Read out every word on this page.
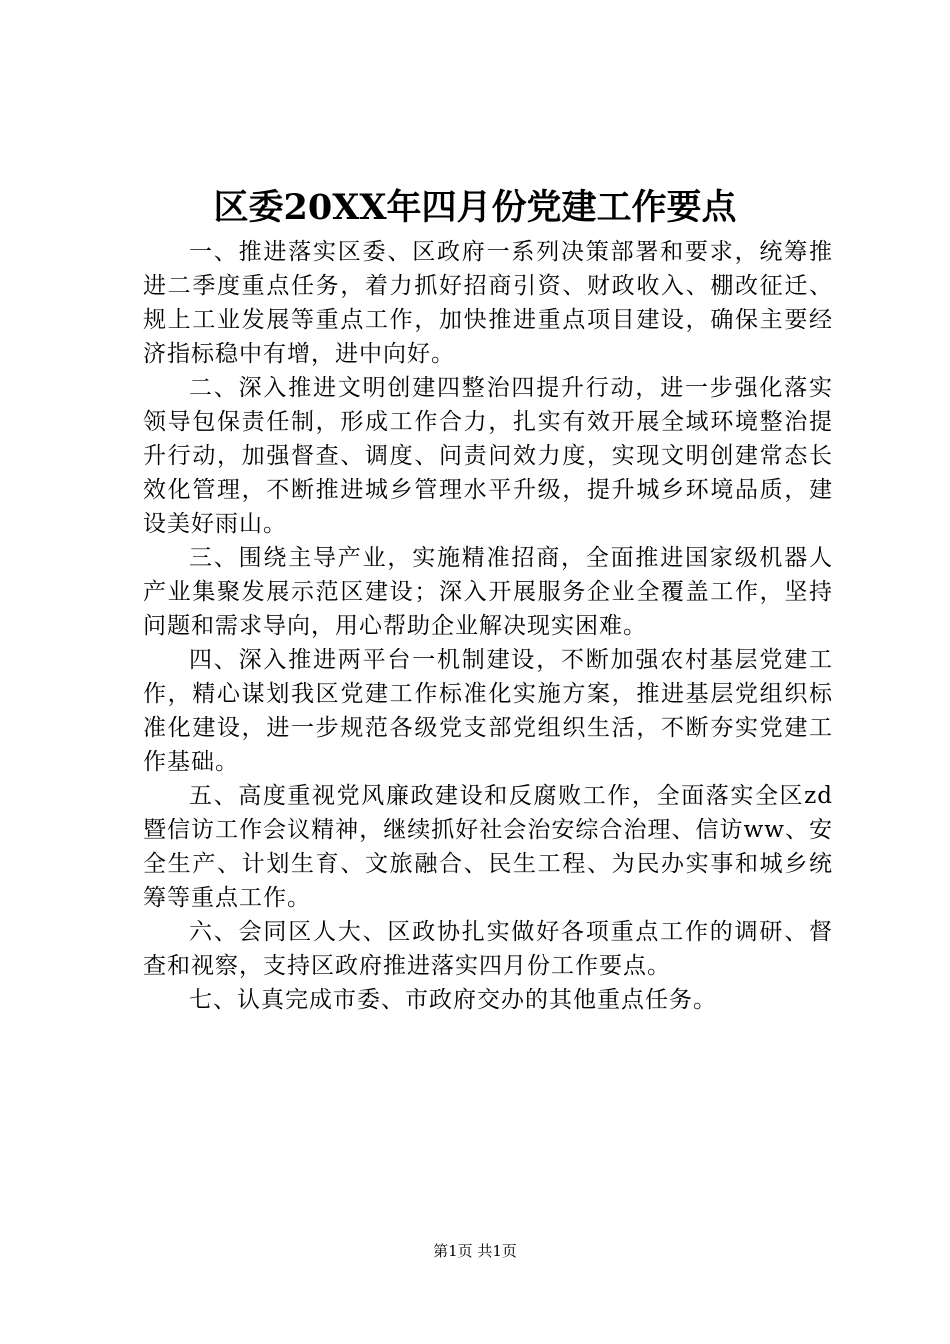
区委20XX年四月份党建工作要点

一、推进落实区委、区政府一系列决策部署和要求，统筹推进二季度重点任务，着力抓好招商引资、财政收入、棚改征迁、规上工业发展等重点工作，加快推进重点项目建设，确保主要经济指标稳中有增，进中向好。

二、深入推进文明创建四整治四提升行动，进一步强化落实领导包保责任制，形成工作合力，扎实有效开展全域环境整治提升行动，加强督查、调度、问责问效力度，实现文明创建常态长效化管理，不断推进城乡管理水平升级，提升城乡环境品质，建设美好雨山。

三、围绕主导产业，实施精准招商，全面推进国家级机器人产业集聚发展示范区建设；深入开展服务企业全覆盖工作，坚持问题和需求导向，用心帮助企业解决现实困难。

四、深入推进两平台一机制建设，不断加强农村基层党建工作，精心谋划我区党建工作标准化实施方案，推进基层党组织标准化建设，进一步规范各级党支部党组织生活，不断夯实党建工作基础。

五、高度重视党风廉政建设和反腐败工作，全面落实全区zd暨信访工作会议精神，继续抓好社会治安综合治理、信访ww、安全生产、计划生育、文旅融合、民生工程、为民办实事和城乡统筹等重点工作。

六、会同区人大、区政协扎实做好各项重点工作的调研、督查和视察，支持区政府推进落实四月份工作要点。

七、认真完成市委、市政府交办的其他重点任务。

第1页 共1页
